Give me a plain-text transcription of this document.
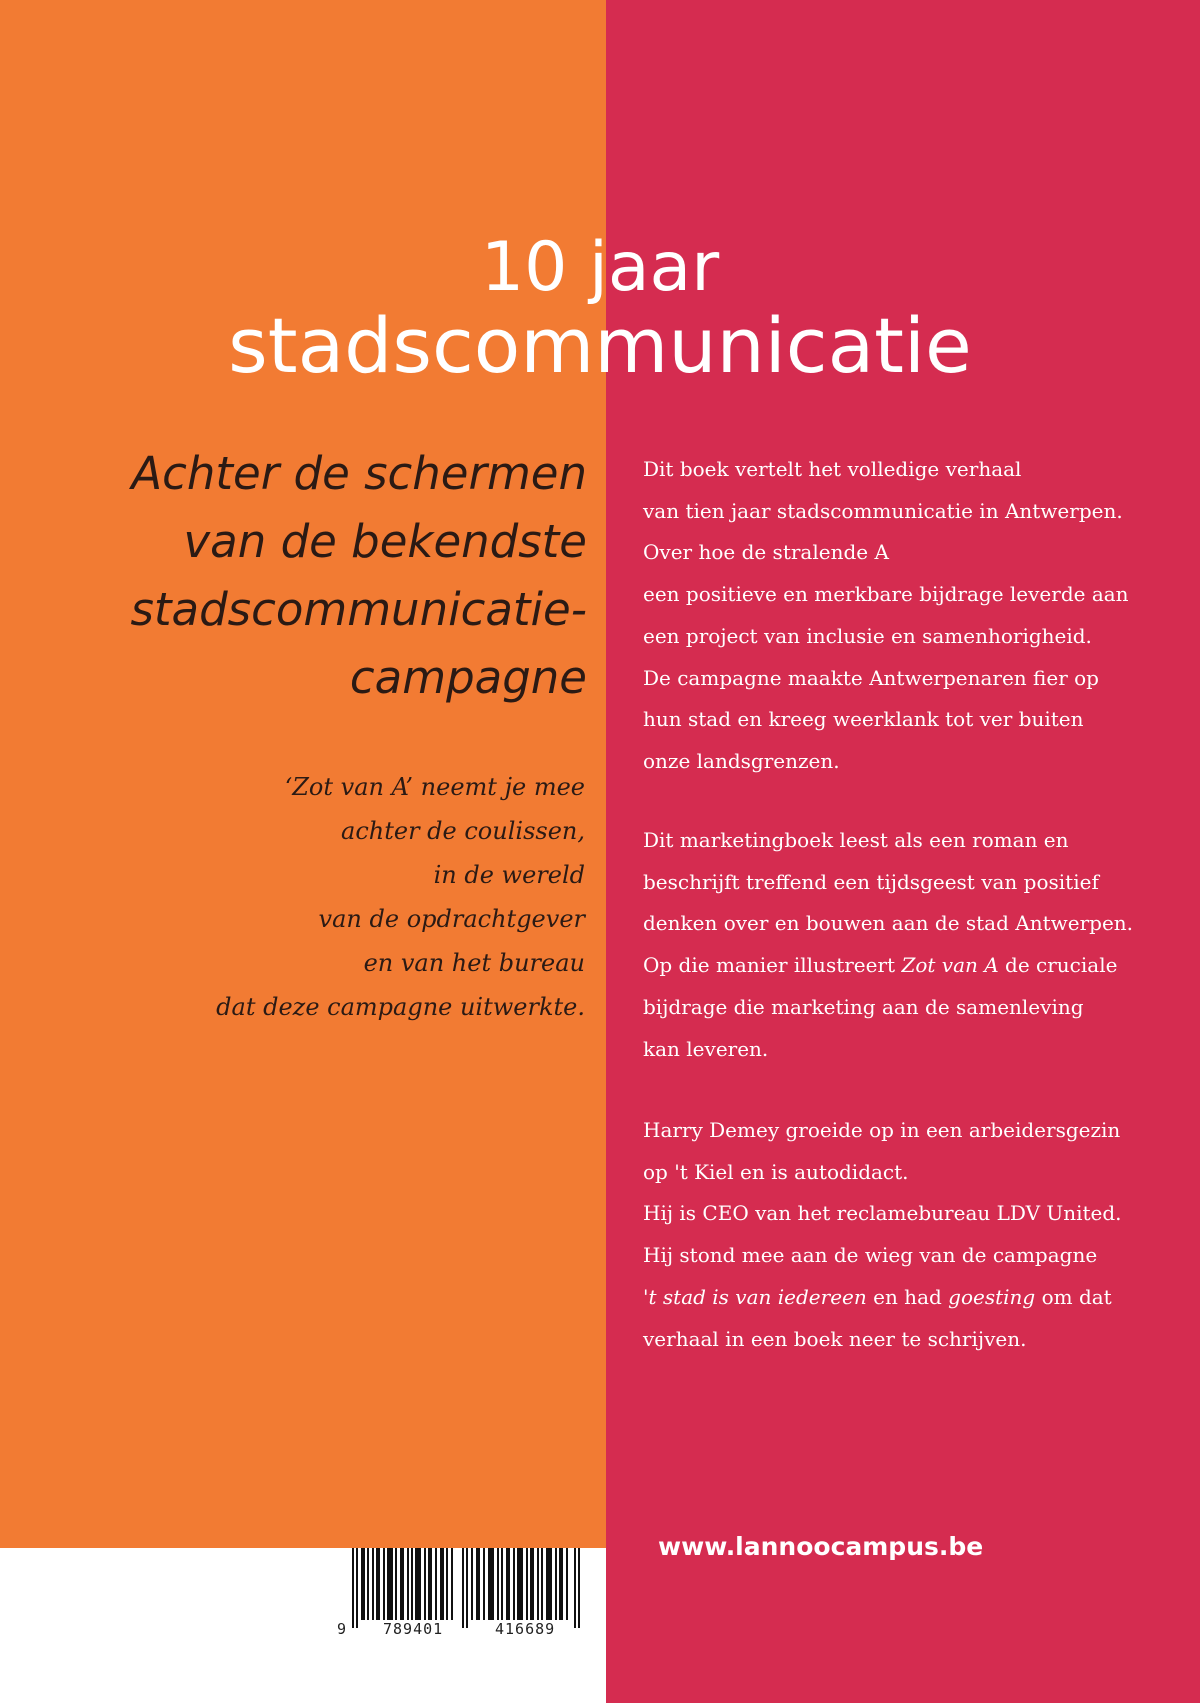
10 jaar
stadscommunicatie
Achter de schermen
van de bekendste
stadscommunicatie-
campagne
‘Zot van A’ neemt je mee
achter de coulissen,
in de wereld
van de opdrachtgever
en van het bureau
dat deze campagne uitwerkte.
Dit boek vertelt het volledige verhaal
van tien jaar stadscommunicatie in Antwerpen.
Over hoe de stralende A
een positieve en merkbare bijdrage leverde aan
een project van inclusie en samenhorigheid.
De campagne maakte Antwerpenaren fier op
hun stad en kreeg weerklank tot ver buiten
onze landsgrenzen.
Dit marketingboek leest als een roman en
beschrijft treffend een tijdsgeest van positief
denken over en bouwen aan de stad Antwerpen.
Op die manier illustreert Zot van A de cruciale
bijdrage die marketing aan de samenleving
kan leveren.
Harry Demey groeide op in een arbeidersgezin
op 't Kiel en is autodidact.
Hij is CEO van het reclamebureau LDV United.
Hij stond mee aan de wieg van de campagne
't stad is van iedereen en had goesting om dat
verhaal in een boek neer te schrijven.
www.lannoocampus.be
9 789401	416689
